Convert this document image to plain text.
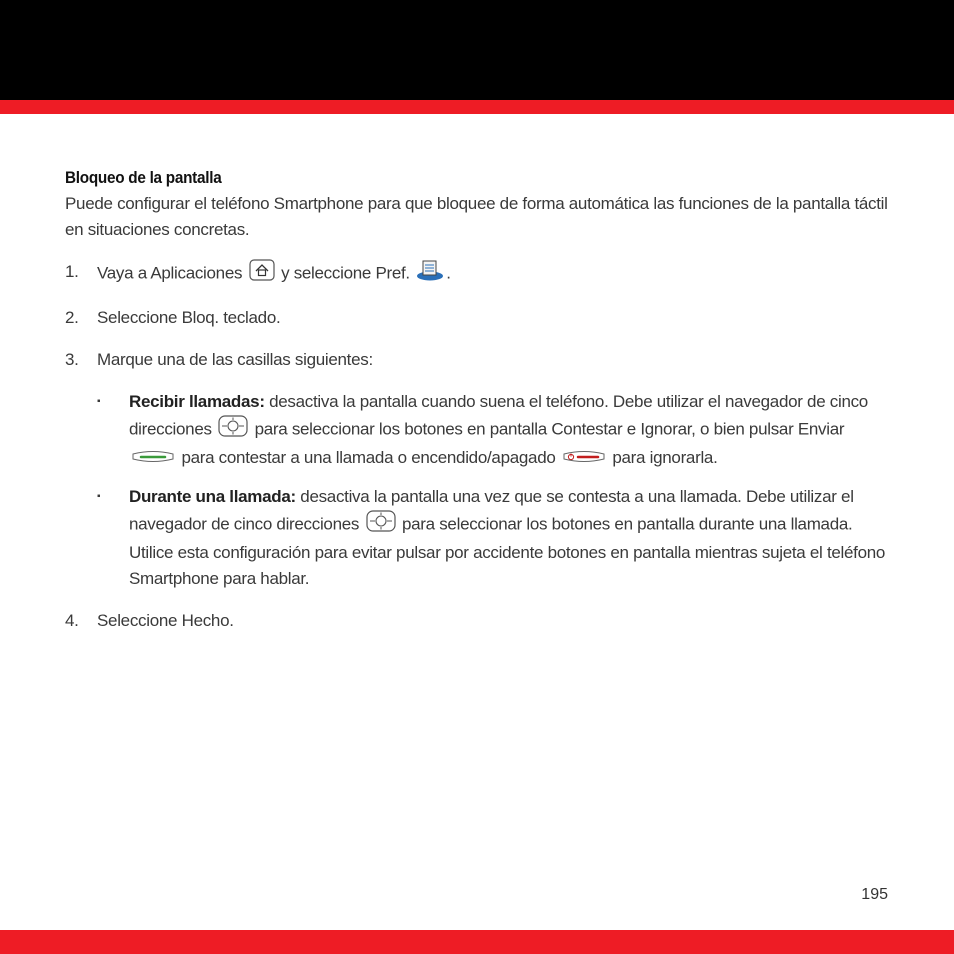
Bloqueo de la pantalla

Puede configurar el teléfono Smartphone para que bloquee de forma automática las funciones de la pantalla táctil en situaciones concretas.

1.	Vaya a Aplicaciones y seleccione Pref. .
2.	Seleccione Bloq. teclado.
3.	Marque una de las casillas siguientes:
▪	Recibir llamadas: desactiva la pantalla cuando suena el teléfono. Debe utilizar el navegador de cinco direcciones	para seleccionar los botones en pantalla Contestar e Ignorar, o bien pulsar Enviar  para contestar a una llamada o encendido/apagado	para ignorarla.
▪	Durante una llamada: desactiva la pantalla una vez que se contesta a una llamada. Debe utilizar el navegador de cinco direcciones	para seleccionar los botones en pantalla durante una llamada. Utilice esta configuración para evitar pulsar por accidente botones en pantalla mientras sujeta el teléfono Smartphone para hablar.
4.	Seleccione Hecho.
195
